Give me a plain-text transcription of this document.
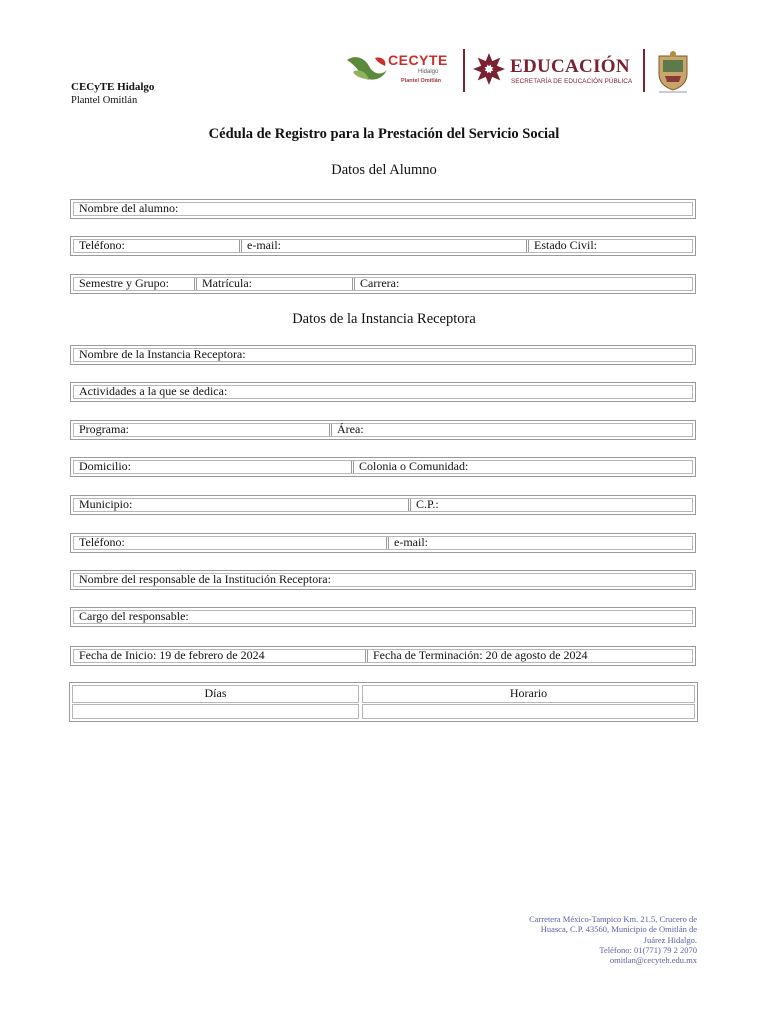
CECyTE Hidalgo
Plantel Omitlán
CECYTE
Hidalgo
Plantel Omitlán
EDUCACIÓN
SECRETARÍA DE EDUCACIÓN PÚBLICA
Cédula de Registro para la Prestación del Servicio Social
Datos del Alumno
Nombre del alumno:
Teléfono:	e-mail:	Estado Civil:
Semestre y Grupo:	Matrícula:	Carrera:
Datos de la Instancia Receptora
Nombre de la Instancia Receptora:
Actividades a la que se dedica:
Programa:	Área:
Domicilio:	Colonia o Comunidad:
Municipio:	C.P.:
Teléfono:	e-mail:
Nombre del responsable de la Institución Receptora:
Cargo del responsable:
Fecha de Inicio: 19 de febrero de 2024	Fecha de Terminación: 20 de agosto de 2024
Días	Horario
Carretera México-Tampico Km. 21.5, Crucero de
Huasca, C.P. 43560, Municipio de Omitlán de
Juárez Hidalgo.
Teléfono: 01(771) 79 2 2070
omitlan@cecyteh.edu.mx
